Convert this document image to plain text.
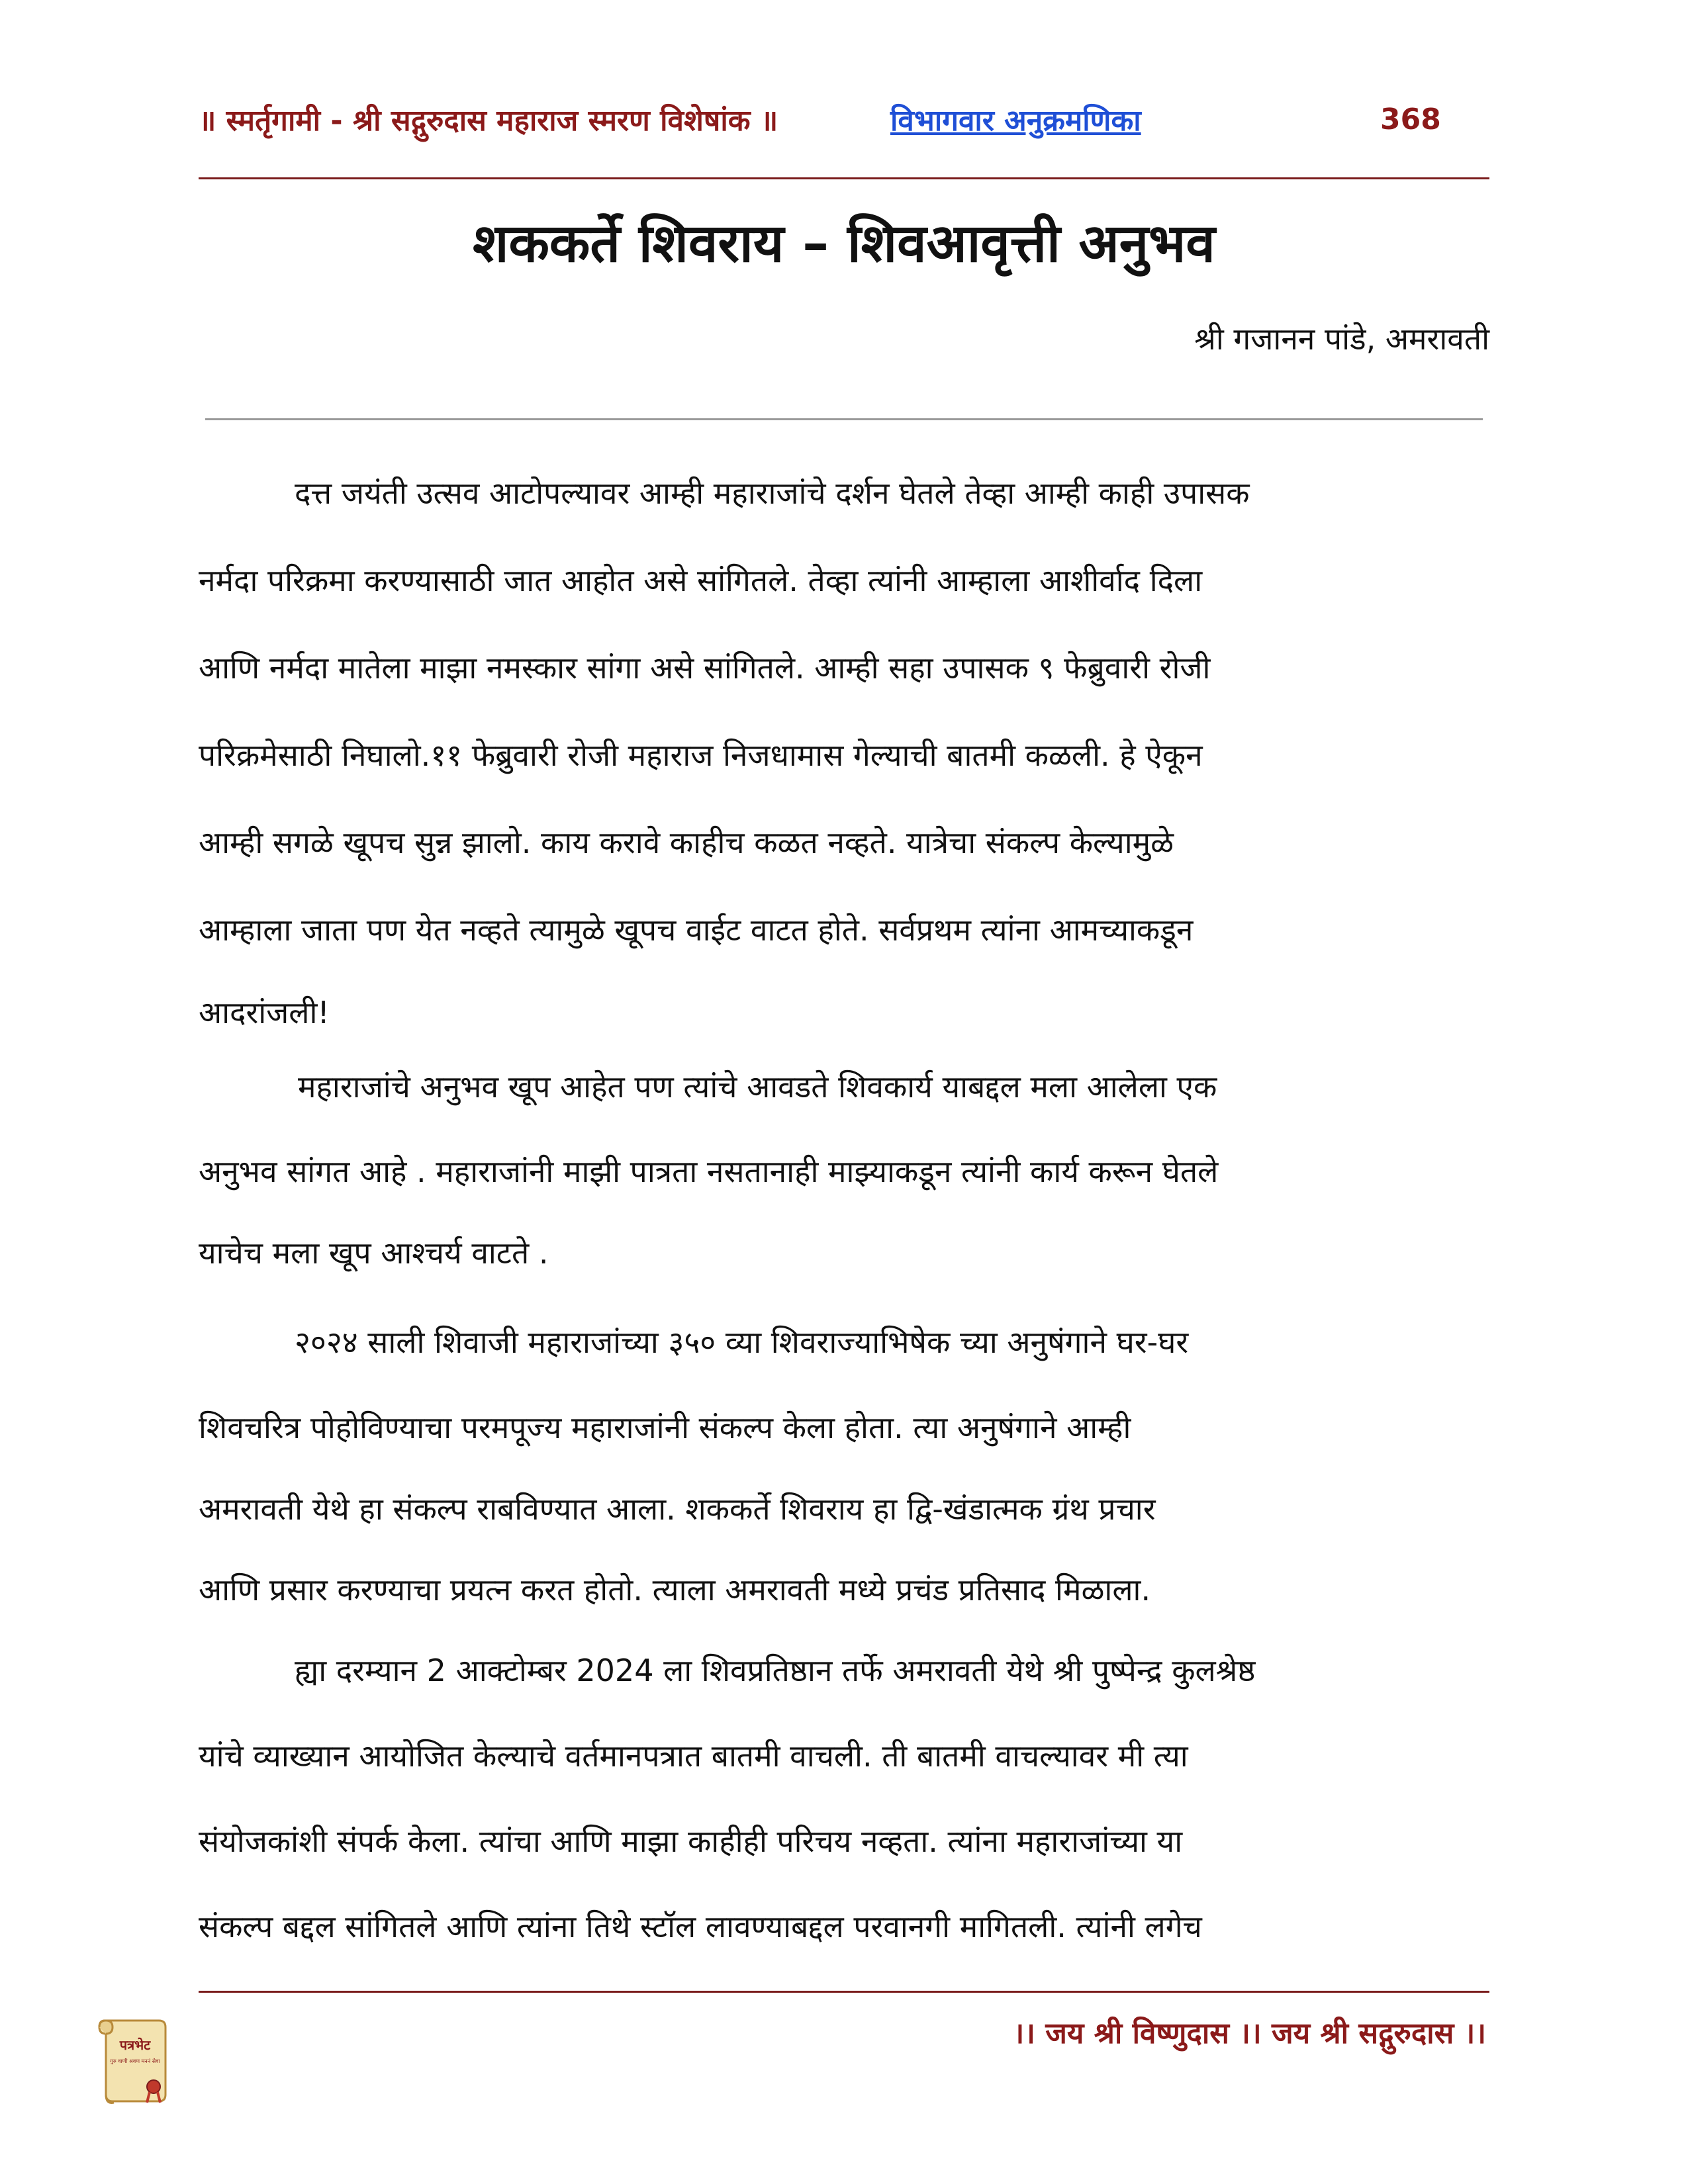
॥ स्मर्तृगामी - श्री सद्गुरुदास महाराज स्मरण विशेषांक ॥	विभागवार अनुक्रमणिका	368
शककर्ते शिवराय – शिवआवृत्ती अनुभव
श्री गजानन पांडे, अमरावती
दत्त जयंती उत्सव आटोपल्यावर आम्ही महाराजांचे दर्शन घेतले तेव्हा आम्ही काही उपासक
नर्मदा परिक्रमा करण्यासाठी जात आहोत असे सांगितले. तेव्हा त्यांनी आम्हाला आशीर्वाद दिला
आणि नर्मदा मातेला माझा नमस्कार सांगा असे सांगितले. आम्ही सहा उपासक ९ फेब्रुवारी रोजी
परिक्रमेसाठी निघालो.११ फेब्रुवारी रोजी महाराज निजधामास गेल्याची बातमी कळली. हे ऐकून
आम्ही सगळे खूपच सुन्न झालो. काय करावे काहीच कळत नव्हते. यात्रेचा संकल्प केल्यामुळे
आम्हाला जाता पण येत नव्हते त्यामुळे खूपच वाईट वाटत होते. सर्वप्रथम त्यांना आमच्याकडून
आदरांजली!
महाराजांचे अनुभव खूप आहेत पण त्यांचे आवडते शिवकार्य याबद्दल मला आलेला एक
अनुभव सांगत आहे . महाराजांनी माझी पात्रता नसतानाही माझ्याकडून त्यांनी कार्य करून घेतले
याचेच मला खूप आश्चर्य वाटते .
२०२४ साली शिवाजी महाराजांच्या ३५० व्या शिवराज्याभिषेक च्या अनुषंगाने घर-घर
शिवचरित्र पोहोविण्याचा परमपूज्य महाराजांनी संकल्प केला होता. त्या अनुषंगाने आम्ही
अमरावती येथे हा संकल्प राबविण्यात आला. शककर्ते शिवराय हा द्वि-खंडात्मक ग्रंथ प्रचार
आणि प्रसार करण्याचा प्रयत्न करत होतो. त्याला अमरावती मध्ये प्रचंड प्रतिसाद मिळाला.
ह्या दरम्यान 2 आक्टोम्बर 2024 ला शिवप्रतिष्ठान तर्फे अमरावती येथे श्री पुष्पेन्द्र कुलश्रेष्ठ
यांचे व्याख्यान आयोजित केल्याचे वर्तमानपत्रात बातमी वाचली. ती बातमी वाचल्यावर मी त्या
संयोजकांशी संपर्क केला. त्यांचा आणि माझा काहीही परिचय नव्हता. त्यांना महाराजांच्या या
संकल्प बद्दल सांगितले आणि त्यांना तिथे स्टॉल लावण्याबद्दल परवानगी मागितली. त्यांनी लगेच
।। जय श्री विष्णुदास ।। जय श्री सद्गुरुदास ।।
पत्रभेट
गुरु वाणी श्रवण मननं सेवा
